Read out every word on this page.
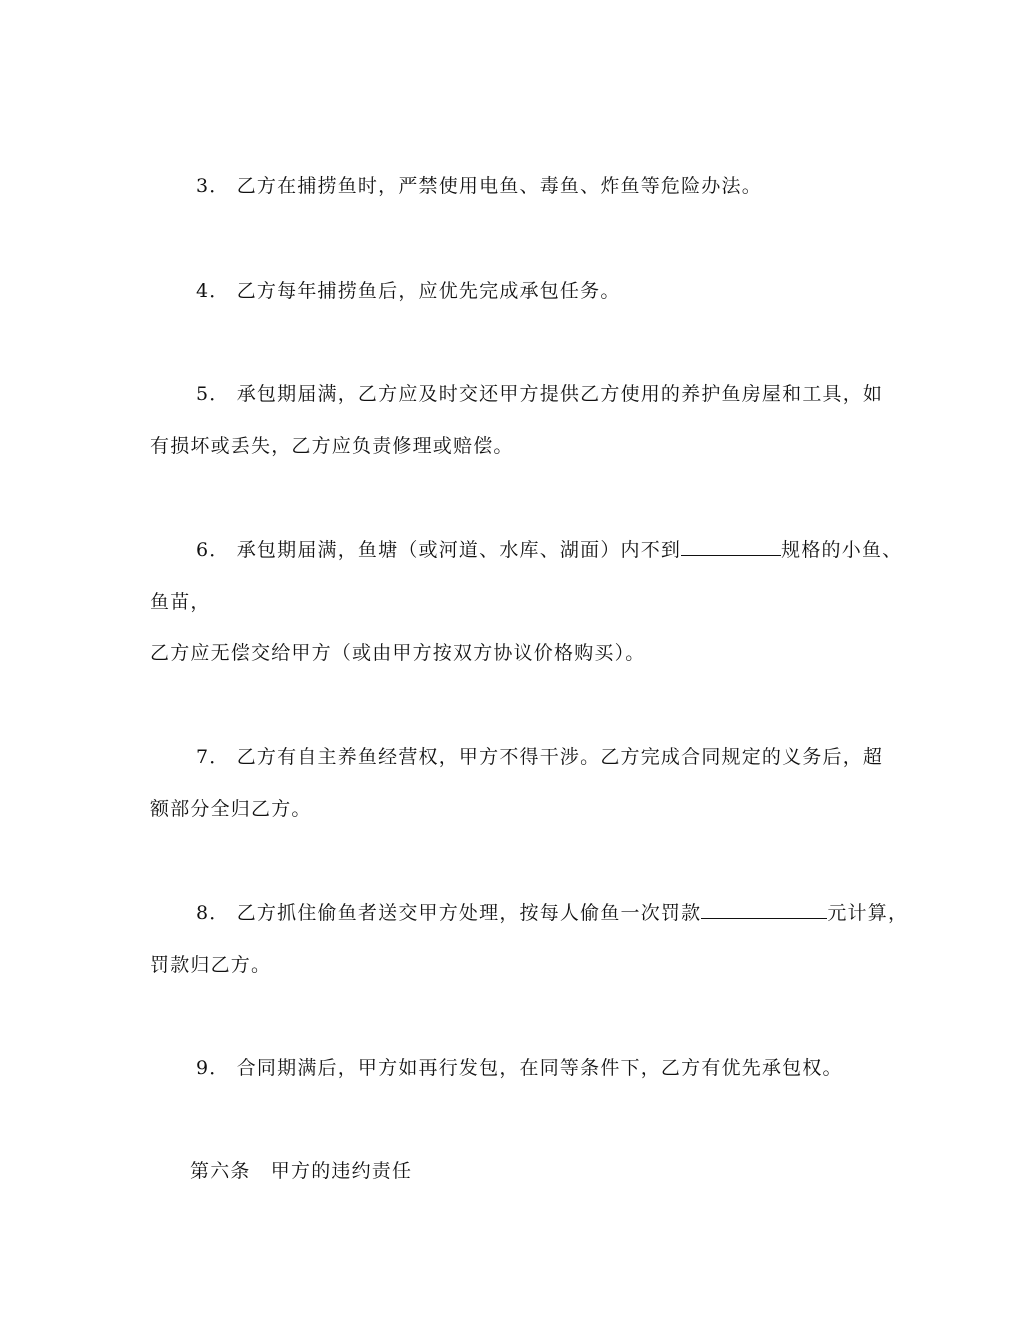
3． 乙方在捕捞鱼时，严禁使用电鱼、毒鱼、炸鱼等危险办法。
4． 乙方每年捕捞鱼后，应优先完成承包任务。
5． 承包期届满，乙方应及时交还甲方提供乙方使用的养护鱼房屋和工具，如
有损坏或丢失，乙方应负责修理或赔偿。
6． 承包期届满，鱼塘（或河道、水库、湖面）内不到	规格的小鱼、
鱼苗，
乙方应无偿交给甲方（或由甲方按双方协议价格购买）。
7． 乙方有自主养鱼经营权，甲方不得干涉。乙方完成合同规定的义务后，超
额部分全归乙方。
8． 乙方抓住偷鱼者送交甲方处理，按每人偷鱼一次罚款	元计算，
罚款归乙方。
9． 合同期满后，甲方如再行发包，在同等条件下，乙方有优先承包权。
第六条　甲方的违约责任
